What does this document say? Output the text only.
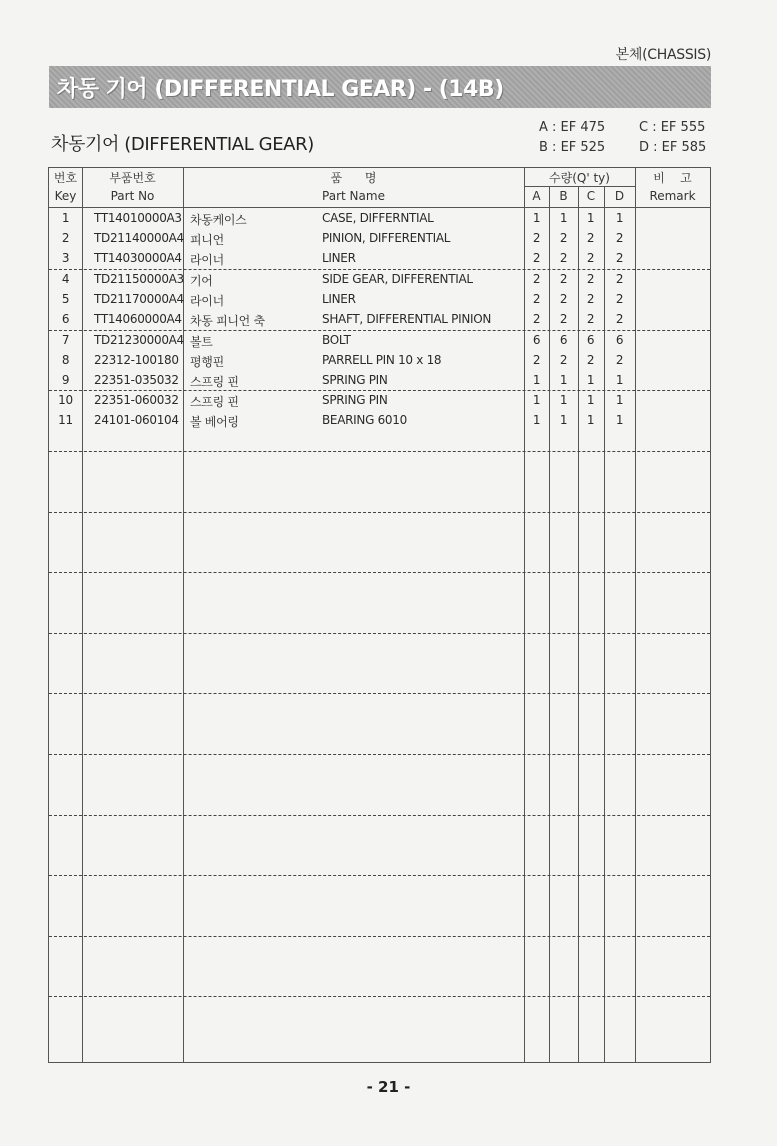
본체(CHASSIS)
차동 기어 (DIFFERENTIAL GEAR) - (14B)
차동기어 (DIFFERENTIAL GEAR)
A : EF 475
B : EF 525
C : EF 555
D : EF 585
번호
Key
부품번호
Part No
품      명
Part Name
수량(Q' ty)
A	B	C	D
비    고
Remark
1	TT14010000A3 차동케이스	CASE, DIFFERNTIAL	1	1	1	1
2	TD21140000A4 피니언	PINION, DIFFERENTIAL	2	2	2	2
3	TT14030000A4 라이너	LINER	2	2	2	2
4	TD21150000A3 기어	SIDE GEAR, DIFFERENTIAL	2	2	2	2
5	TD21170000A4 라이너	LINER	2	2	2	2
6	TT14060000A4 차동 피니언 축	SHAFT, DIFFERENTIAL PINION	2	2	2	2
7	TD21230000A4 볼트	BOLT	6	6	6	6
8	22312-100180 평행핀	PARRELL PIN 10 x 18	2	2	2	2
9	22351-035032 스프링 핀	SPRING PIN	1	1	1	1
10	22351-060032 스프링 핀	SPRING PIN	1	1	1	1
11	24101-060104 볼 베어링	BEARING 6010	1	1	1	1
- 21 -
